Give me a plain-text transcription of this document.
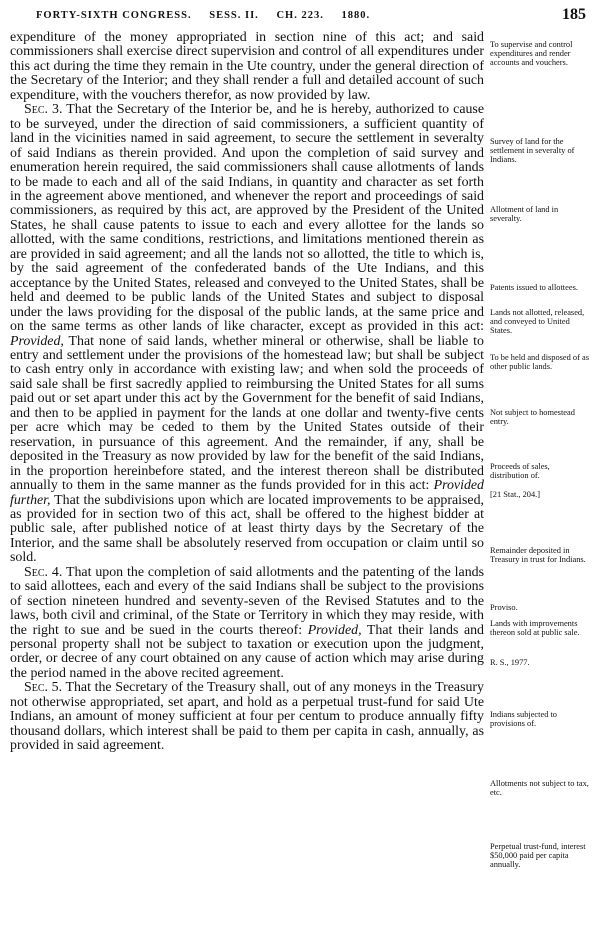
FORTY-SIXTH CONGRESS. SESS. II. CH. 223. 1880.	185

expenditure of the money appropriated in section nine of this act; and said commissioners shall exercise direct supervision and control of all expenditures under this act during the time they remain in the Ute country, under the general direction of the Secretary of the Interior; and they shall render a full and detailed account of such expenditure, with the vouchers therefor, as now provided by law.

Sec. 3. That the Secretary of the Interior be, and he is hereby, authorized to cause to be surveyed, under the direction of said commissioners, a sufficient quantity of land in the vicinities named in said agreement, to secure the settlement in severalty of said Indians as therein provided. And upon the completion of said survey and enumeration herein required, the said commissioners shall cause allotments of lands to be made to each and all of the said Indians, in quantity and character as set forth in the agreement above mentioned, and whenever the report and proceedings of said commissioners, as required by this act, are approved by the President of the United States, he shall cause patents to issue to each and every allottee for the lands so allotted, with the same conditions, restrictions, and limitations mentioned therein as are provided in said agreement; and all the lands not so allotted, the title to which is, by the said agreement of the confederated bands of the Ute Indians, and this acceptance by the United States, released and conveyed to the United States, shall be held and deemed to be public lands of the United States and subject to disposal under the laws providing for the disposal of the public lands, at the same price and on the same terms as other lands of like character, except as provided in this act: Provided, That none of said lands, whether mineral or otherwise, shall be liable to entry and settlement under the provisions of the homestead law; but shall be subject to cash entry only in accordance with existing law; and when sold the proceeds of said sale shall be first sacredly applied to reimbursing the United States for all sums paid out or set apart under this act by the Government for the benefit of said Indians, and then to be applied in payment for the lands at one dollar and twenty-five cents per acre which may be ceded to them by the United States outside of their reservation, in pursuance of this agreement. And the remainder, if any, shall be deposited in the Treasury as now provided by law for the benefit of the said Indians, in the proportion hereinbefore stated, and the interest thereon shall be distributed annually to them in the same manner as the funds provided for in this act: Provided further, That the subdivisions upon which are located improvements to be appraised, as provided for in section two of this act, shall be offered to the highest bidder at public sale, after published notice of at least thirty days by the Secretary of the Interior, and the same shall be absolutely reserved from occupation or claim until so sold.

Sec. 4. That upon the completion of said allotments and the patenting of the lands to said allottees, each and every of the said Indians shall be subject to the provisions of section nineteen hundred and seventy-seven of the Revised Statutes and to the laws, both civil and criminal, of the State or Territory in which they may reside, with the right to sue and be sued in the courts thereof: Provided, That their lands and personal property shall not be subject to taxation or execution upon the judgment, order, or decree of any court obtained on any cause of action which may arise during the period named in the above recited agreement.

Sec. 5. That the Secretary of the Treasury shall, out of any moneys in the Treasury not otherwise appropriated, set apart, and hold as a perpetual trust-fund for said Ute Indians, an amount of money sufficient at four per centum to produce annually fifty thousand dollars, which interest shall be paid to them per capita in cash, annually, as provided in said agreement.

To supervise and control expenditures and render accounts and vouchers.
Survey of land for the settlement in severalty of Indians.
Allotment of land in severalty.
Patents issued to allottees.
Lands not allotted, released, and conveyed to United States.
To be held and disposed of as other public lands.
Not subject to homestead entry.
Proceeds of sales, distribution of.
[21 Stat., 204.]
Remainder deposited in Treasury in trust for Indians.
Proviso.
Lands with improvements thereon sold at public sale.
R. S., 1977.
Indians subjected to provisions of.
Allotments not subject to tax, etc.
Perpetual trust-fund, interest $50,000 paid per capita annually.
